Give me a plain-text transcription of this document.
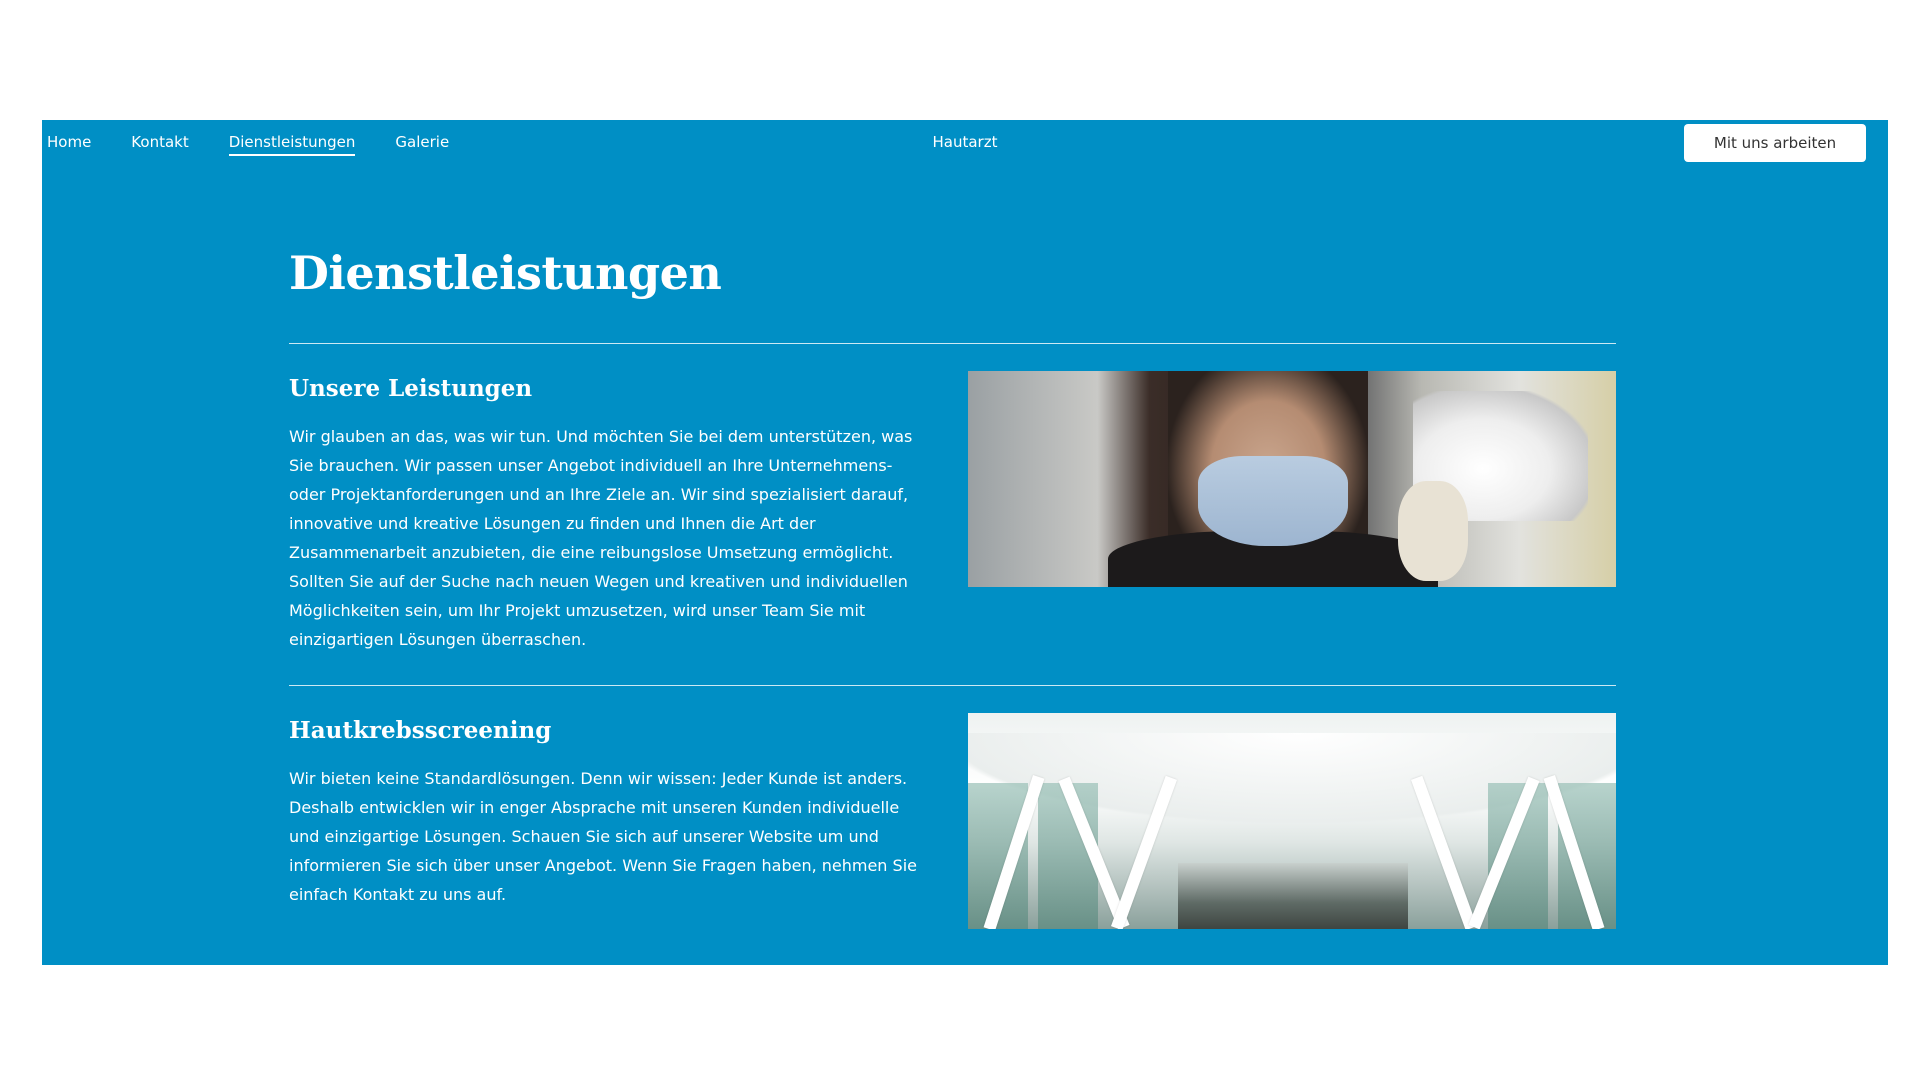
Home	Kontakt	Dienstleistungen	Galerie	Hautarzt	Mit uns arbeiten
Dienstleistungen
Unsere Leistungen

Wir glauben an das, was wir tun. Und möchten Sie bei dem unterstützen, was Sie brauchen. Wir passen unser Angebot individuell an Ihre Unternehmens- oder Projektanforderungen und an Ihre Ziele an. Wir sind spezialisiert darauf, innovative und kreative Lösungen zu finden und Ihnen die Art der Zusammenarbeit anzubieten, die eine reibungslose Umsetzung ermöglicht. Sollten Sie auf der Suche nach neuen Wegen und kreativen und individuellen Möglichkeiten sein, um Ihr Projekt umzusetzen, wird unser Team Sie mit einzigartigen Lösungen überraschen.

Hautkrebsscreening

Wir bieten keine Standardlösungen. Denn wir wissen: Jeder Kunde ist anders. Deshalb entwicklen wir in enger Absprache mit unseren Kunden individuelle und einzigartige Lösungen. Schauen Sie sich auf unserer Website um und informieren Sie sich über unser Angebot. Wenn Sie Fragen haben, nehmen Sie einfach Kontakt zu uns auf.
